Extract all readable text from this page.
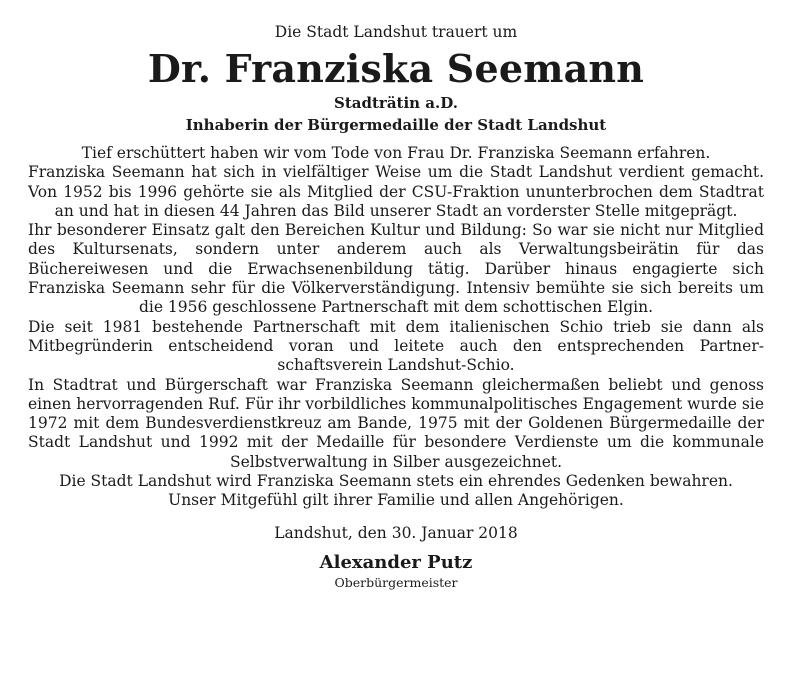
Die Stadt Landshut trauert um

Dr. Franziska Seemann

Stadträtin a.D.

Inhaberin der Bürgermedaille der Stadt Landshut

Tief erschüttert haben wir vom Tode von Frau Dr. Franziska Seemann erfahren.

Franziska Seemann hat sich in vielfältiger Weise um die Stadt Landshut verdient gemacht. Von 1952 bis 1996 gehörte sie als Mitglied der CSU-Fraktion ununterbrochen dem Stadtrat an und hat in diesen 44 Jahren das Bild unserer Stadt an vorderster Stelle mitgeprägt.

Ihr besonderer Einsatz galt den Bereichen Kultur und Bildung: So war sie nicht nur Mitglied des Kultursenats, sondern unter anderem auch als Verwaltungsbeirätin für das Büchereiwesen und die Erwachsenenbildung tätig. Darüber hinaus engagierte sich Franziska Seemann sehr für die Völkerverständigung. Intensiv bemühte sie sich bereits um die 1956 geschlossene Partnerschaft mit dem schottischen Elgin.

Die seit 1981 bestehende Partnerschaft mit dem italienischen Schio trieb sie dann als Mitbegründerin entscheidend voran und leitete auch den entsprechenden Partnerschaftsverein Landshut-Schio.

In Stadtrat und Bürgerschaft war Franziska Seemann gleichermaßen beliebt und genoss einen hervorragenden Ruf. Für ihr vorbildliches kommunalpolitisches Engagement wurde sie 1972 mit dem Bundesverdienstkreuz am Bande, 1975 mit der Goldenen Bürgermedaille der Stadt Landshut und 1992 mit der Medaille für besondere Verdienste um die kommunale Selbstverwaltung in Silber ausgezeichnet.

Die Stadt Landshut wird Franziska Seemann stets ein ehrendes Gedenken bewahren.

Unser Mitgefühl gilt ihrer Familie und allen Angehörigen.

Landshut, den 30. Januar 2018

Alexander Putz

Oberbürgermeister
